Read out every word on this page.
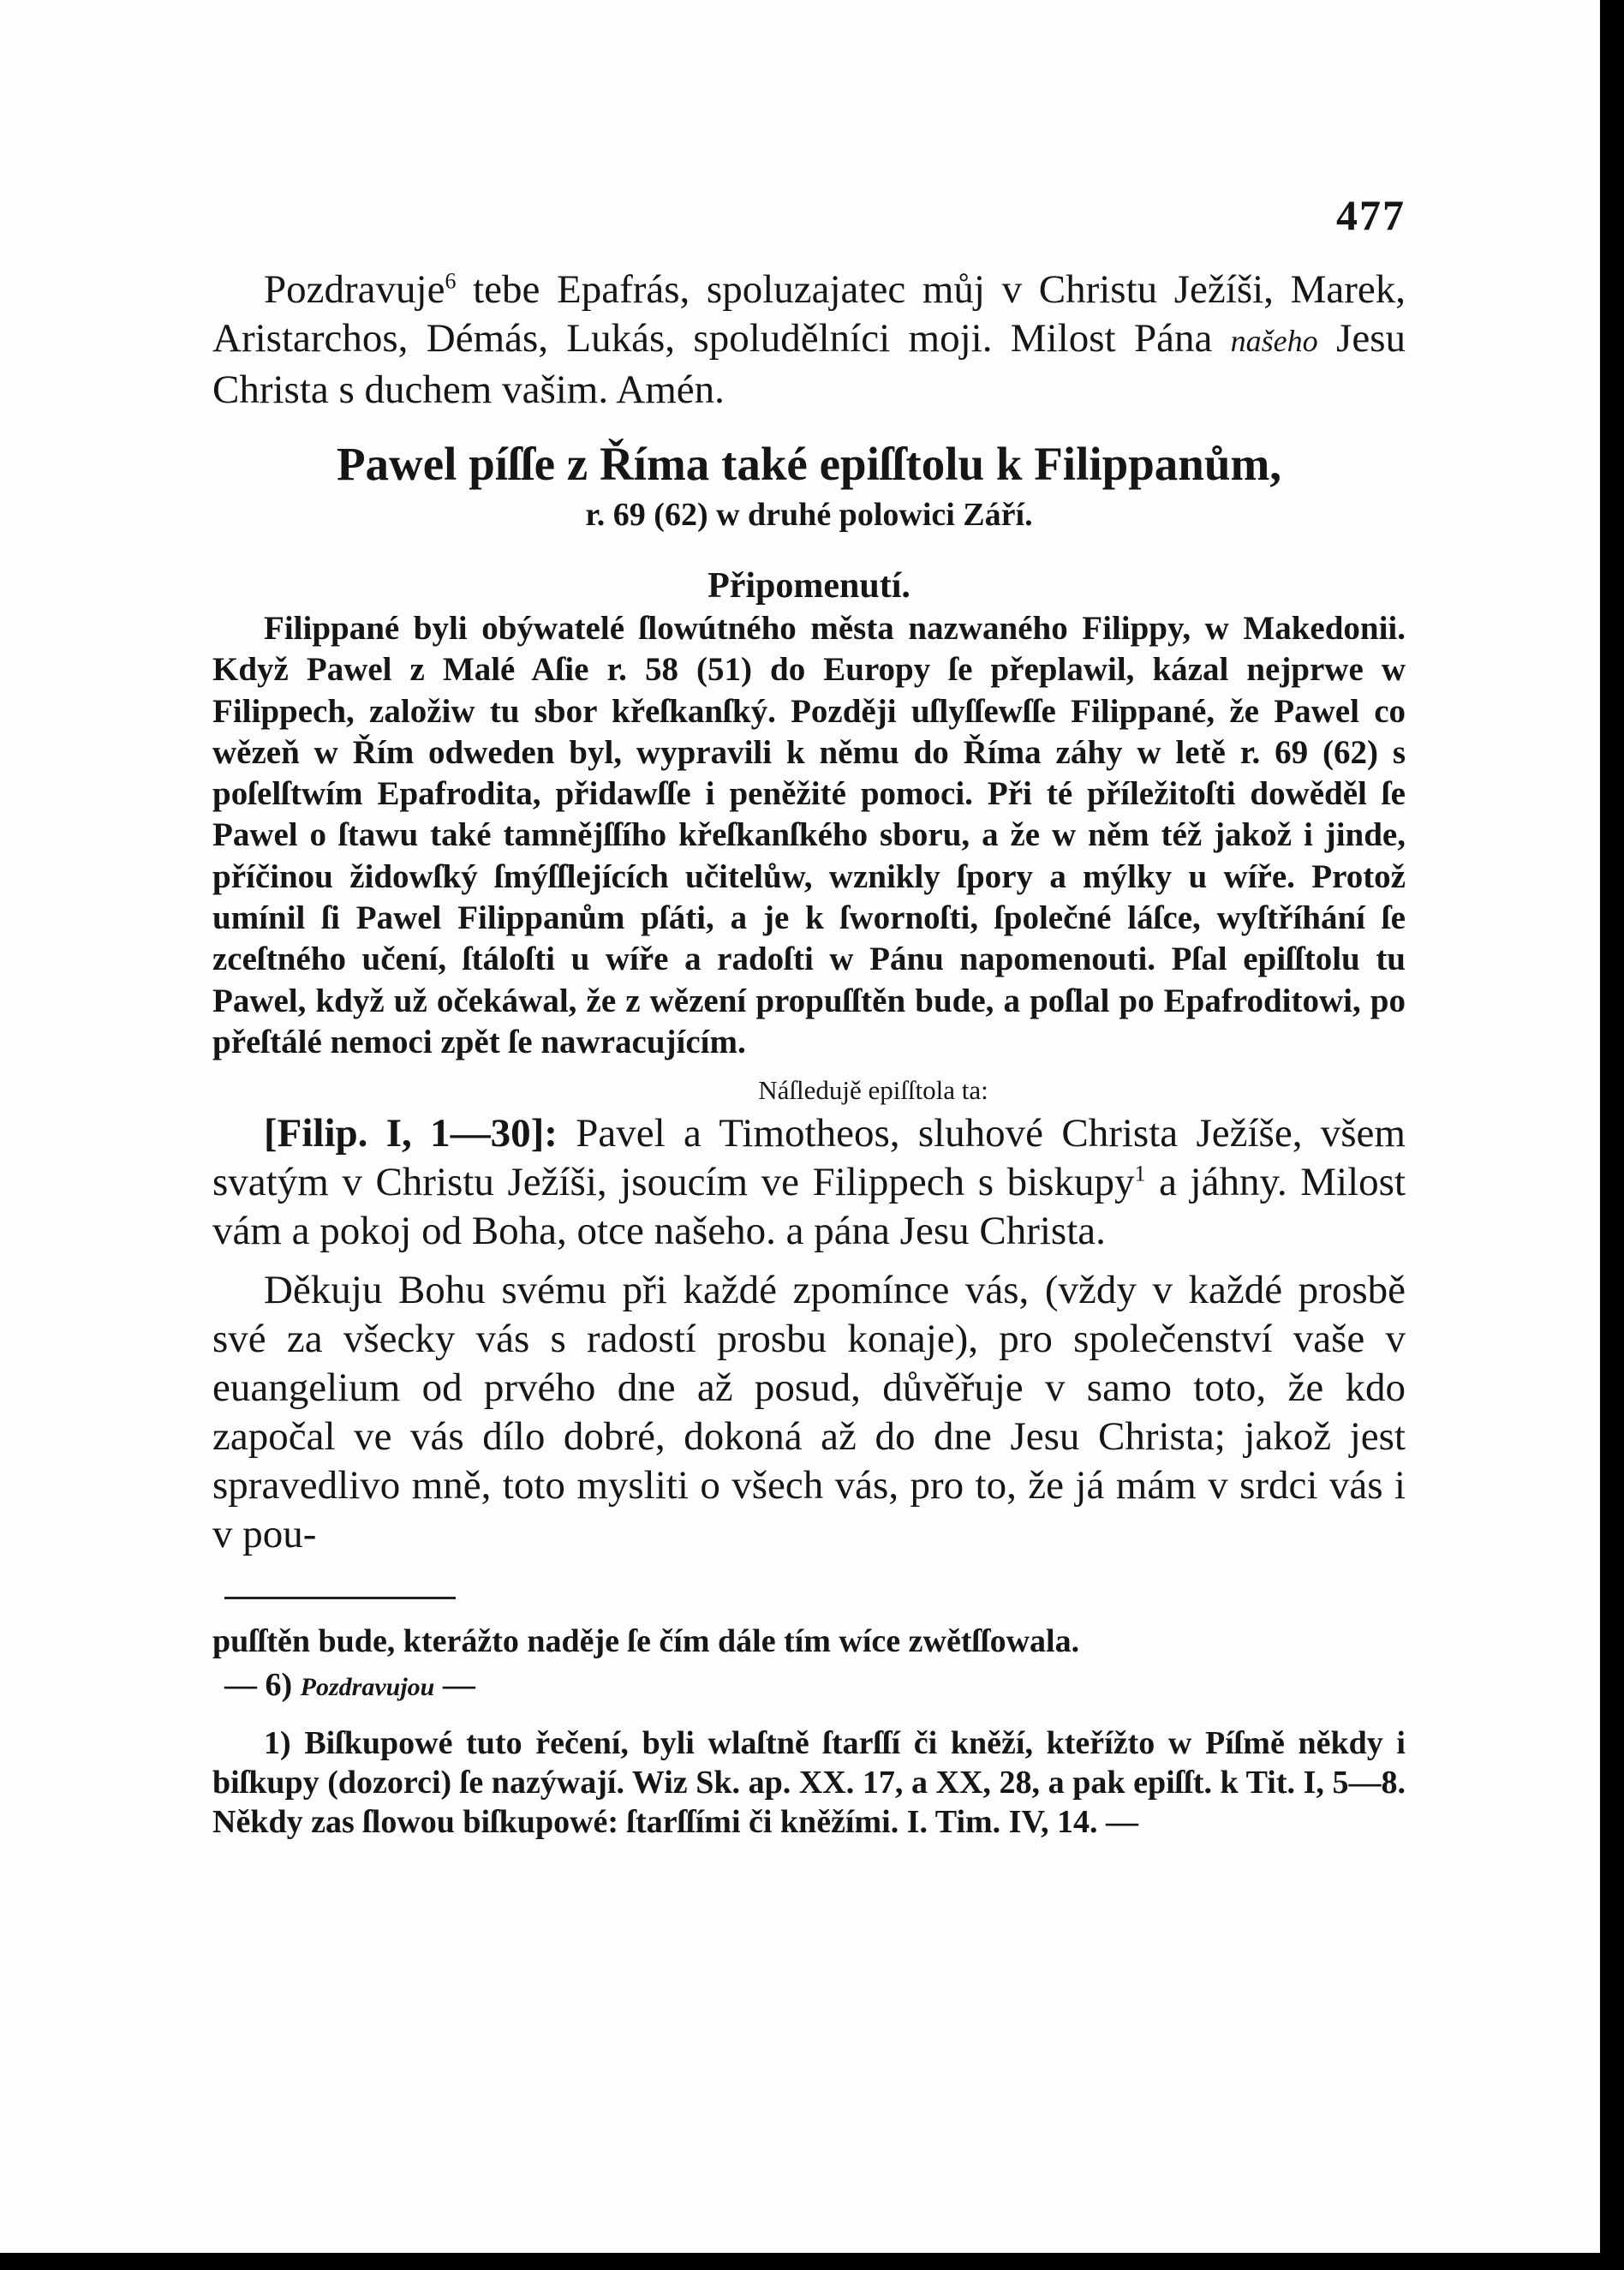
477

Pozdravuje$^6$ tebe Epafrás, spoluzajatec můj v Christu Ježíši, Marek, Aristarchos, Démás, Lukás, spoludělníci moji. Milost Pána našeho Jesu Christa s duchem vašim. Amén.

Pawel píſſe z Říma také epiſſtolu k Filippanům,
r. 69 (62) w druhé polowici Září.
Připomenutí.

Filippané byli obýwatelé ſlowútného města nazwaného Filippy, w Makedonii. Když Pawel z Malé Aſie r. 58 (51) do Europy ſe přeplawil, kázal nejprwe w Filippech, založiw tu sbor křeſkanſký. Později uſlyſſewſſe Filippané, že Pawel co wězeň w Řím odweden byl, wypravili k němu do Říma záhy w letě r. 69 (62) s poſelſtwím Epafrodita, přidawſſe i peněžité pomoci. Při té příležitoſti dowěděl ſe Pawel o ſtawu také tamnějſſího křeſkanſkého sboru, a že w něm též jakož i jinde, příčinou židowſký ſmýſſlejících učitelůw, wznikly ſpory a mýlky u wíře. Protož umínil ſi Pawel Filippanům pſáti, a je k ſwornoſti, ſpolečné láſce, wyſtříhání ſe zceſtného učení, ſtáloſti u wíře a radoſti w Pánu napomenouti. Pſal epiſſtolu tu Pawel, když už očekáwal, že z wězení propuſſtěn bude, a poſlal po Epafroditowi, po přeſtálé nemoci zpět ſe nawracujícím.

Náſledujě epiſſtola ta:

[Filip. I, 1—30]: Pavel a Timotheos, sluhové Christa Ježíše, všem svatým v Christu Ježíši, jsoucím ve Filippech s biskupy$^1$ a jáhny. Milost vám a pokoj od Boha, otce našeho. a pána Jesu Christa.

Děkuju Bohu svému při každé zpomínce vás, (vždy v každé prosbě své za všecky vás s radostí prosbu konaje), pro společenství vaše v euangelium od prvého dne až posud, důvěřuje v samo toto, že kdo započal ve vás dílo dobré, dokoná až do dne Jesu Christa; jakož jest spravedlivo mně, toto mysliti o všech vás, pro to, že já mám v srdci vás i v pou-

puſſtěn bude, kterážto naděje ſe čím dále tím wíce zwětſſowala.

— 6) Pozdravujou —

1) Biſkupowé tuto řečení, byli wlaſtně ſtarſſí či kněží, kteřížto w Píſmě někdy i biſkupy (dozorci) ſe nazýwají. Wiz Sk. ap. XX. 17, a XX, 28, a pak epiſſt. k Tit. I, 5—8. Někdy zas ſlowou biſkupowé: ſtarſſími či kněžími. I. Tim. IV, 14. —
